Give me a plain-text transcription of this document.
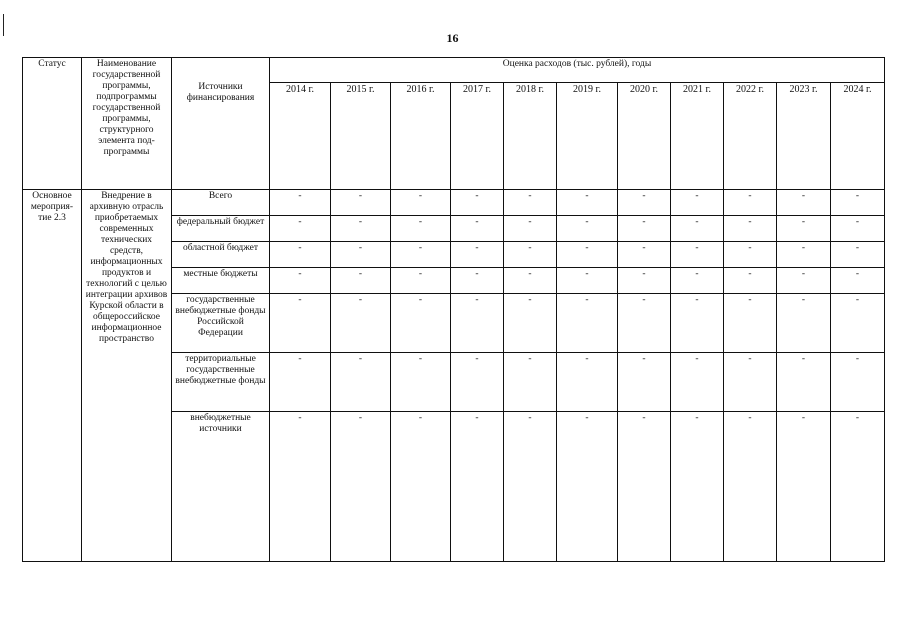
16
Статус	Наименование государственной программы, подпрограммы государственной программы, структурного элемента под-программы	Источники финансирования	Оценка расходов (тыс. рублей), годы										
			2014 г.	2015 г.	2016 г.	2017 г.	2018 г.	2019 г.	2020 г.	2021 г.	2022 г.	2023 г.	2024 г.
Основное мероприя-тие 2.3	Внедрение в архивную отрасль приобретаемых современных технических средств, информационных продуктов и технологий с целью интеграции архивов Курской области в общероссийское информационное пространство	Всего	-	-	-	-	-	-	-	-	-	-	-
		федеральный бюджет	-	-	-	-	-	-	-	-	-	-	-
		областной бюджет	-	-	-	-	-	-	-	-	-	-	-
		местные бюджеты	-	-	-	-	-	-	-	-	-	-	-
		государственные внебюджетные фонды Российской Федерации	-	-	-	-	-	-	-	-	-	-	-
		территориальные государственные внебюджетные фонды	-	-	-	-	-	-	-	-	-	-	-
		внебюджетные источники	-	-	-	-	-	-	-	-	-	-	-
